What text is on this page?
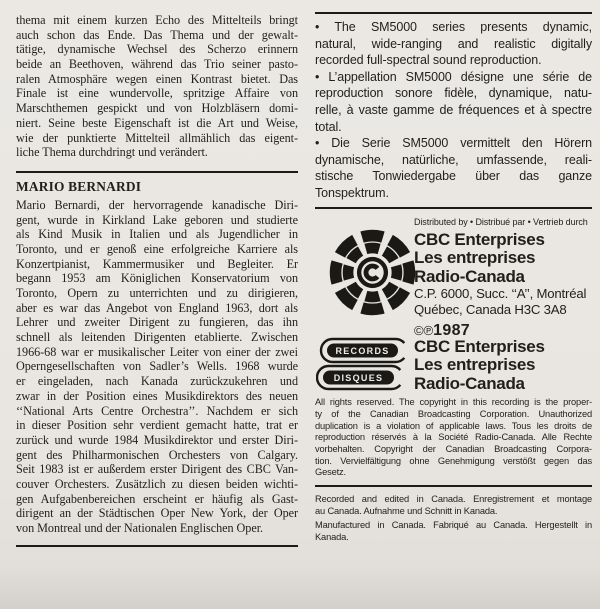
thema mit einem kurzen Echo des Mittelteils bringt
auch schon das Ende. Das Thema und der gewalt-
tätige, dynamische Wechsel des Scherzo erinnern
beide an Beethoven, während das Trio seiner pasto-
ralen Atmosphäre wegen einen Kontrast bietet. Das
Finale ist eine wundervolle, spritzige Affaire von
Marschthemen gespickt und von Holzbläsern domi-
niert. Seine beste Eigenschaft ist die Art und Weise,
wie der punktierte Mittelteil allmählich das eigent-
liche Thema durchdringt und verändert.
MARIO BERNARDI
Mario Bernardi, der hervorragende kanadische Diri-
gent, wurde in Kirkland Lake geboren und studierte
als Kind Musik in Italien und als Jugendlicher in
Toronto, und er genoß eine erfolgreiche Karriere als
Konzertpianist, Kammermusiker und Begleiter. Er
begann 1953 am Königlichen Konservatorium von
Toronto, Opern zu unterrichten und zu dirigieren,
aber es war das Angebot von England 1963, dort als
Lehrer und zweiter Dirigent zu fungieren, das ihn
schnell als leitenden Dirigenten etablierte. Zwischen
1966-68 war er musikalischer Leiter von einer der zwei
Operngesellschaften von Sadler’s Wells. 1968 wurde
er eingeladen, nach Kanada zurückzukehren und
zwar in der Position eines Musikdirektors des neuen
‘‘National Arts Centre Orchestra’’. Nachdem er sich
in dieser Position sehr verdient gemacht hatte, trat er
zurück und wurde 1984 Musikdirektor und erster Diri-
gent des Philharmonischen Orchesters von Calgary.
Seit 1983 ist er außerdem erster Dirigent des CBC Van-
couver Orchesters. Zusätzlich zu diesen beiden wichti-
gen Aufgabenbereichen erscheint er häufig als Gast-
dirigent an der Städtischen Oper New York, der Oper
von Montreal und der Nationalen Englischen Oper.
• The SM5000 series presents dynamic,
natural, wide-ranging and realistic digitally
recorded full-spectral sound reproduction.
• L’appellation SM5000 désigne une série de
reproduction sonore fidèle, dynamique, natu-
relle, à vaste gamme de fréquences et à spectre
total.
• Die Serie SM5000 vermittelt den Hörern
dynamische, natürliche, umfassende, reali-
stische Tonwiedergabe über das ganze
Tonspektrum.
Distributed by • Distribué par • Vertrieb durch
CBC Enterprises
Les entreprises
Radio-Canada
C.P. 6000, Succ. ‘‘A’’, Montréal
Québec, Canada H3C 3A8
RECORDS
DISQUES
©℗1987
CBC Enterprises
Les entreprises
Radio-Canada
All rights reserved. The copyright in this recording is the proper-
ty of the Canadian Broadcasting Corporation. Unauthorized
duplication is a violation of applicable laws. Tous les droits de
reproduction réservés à la Société Radio-Canada. Alle Rechte
vorbehalten. Copyright der Canadian Broadcasting Corpora-
tion. Vervielfältigung ohne Genehmigung verstößt gegen das
Gesetz.
Recorded and edited in Canada. Enregistrement et montage
au Canada. Aufnahme und Schnitt in Kanada.
Manufactured in Canada. Fabriqué au Canada. Hergestellt in
Kanada.
